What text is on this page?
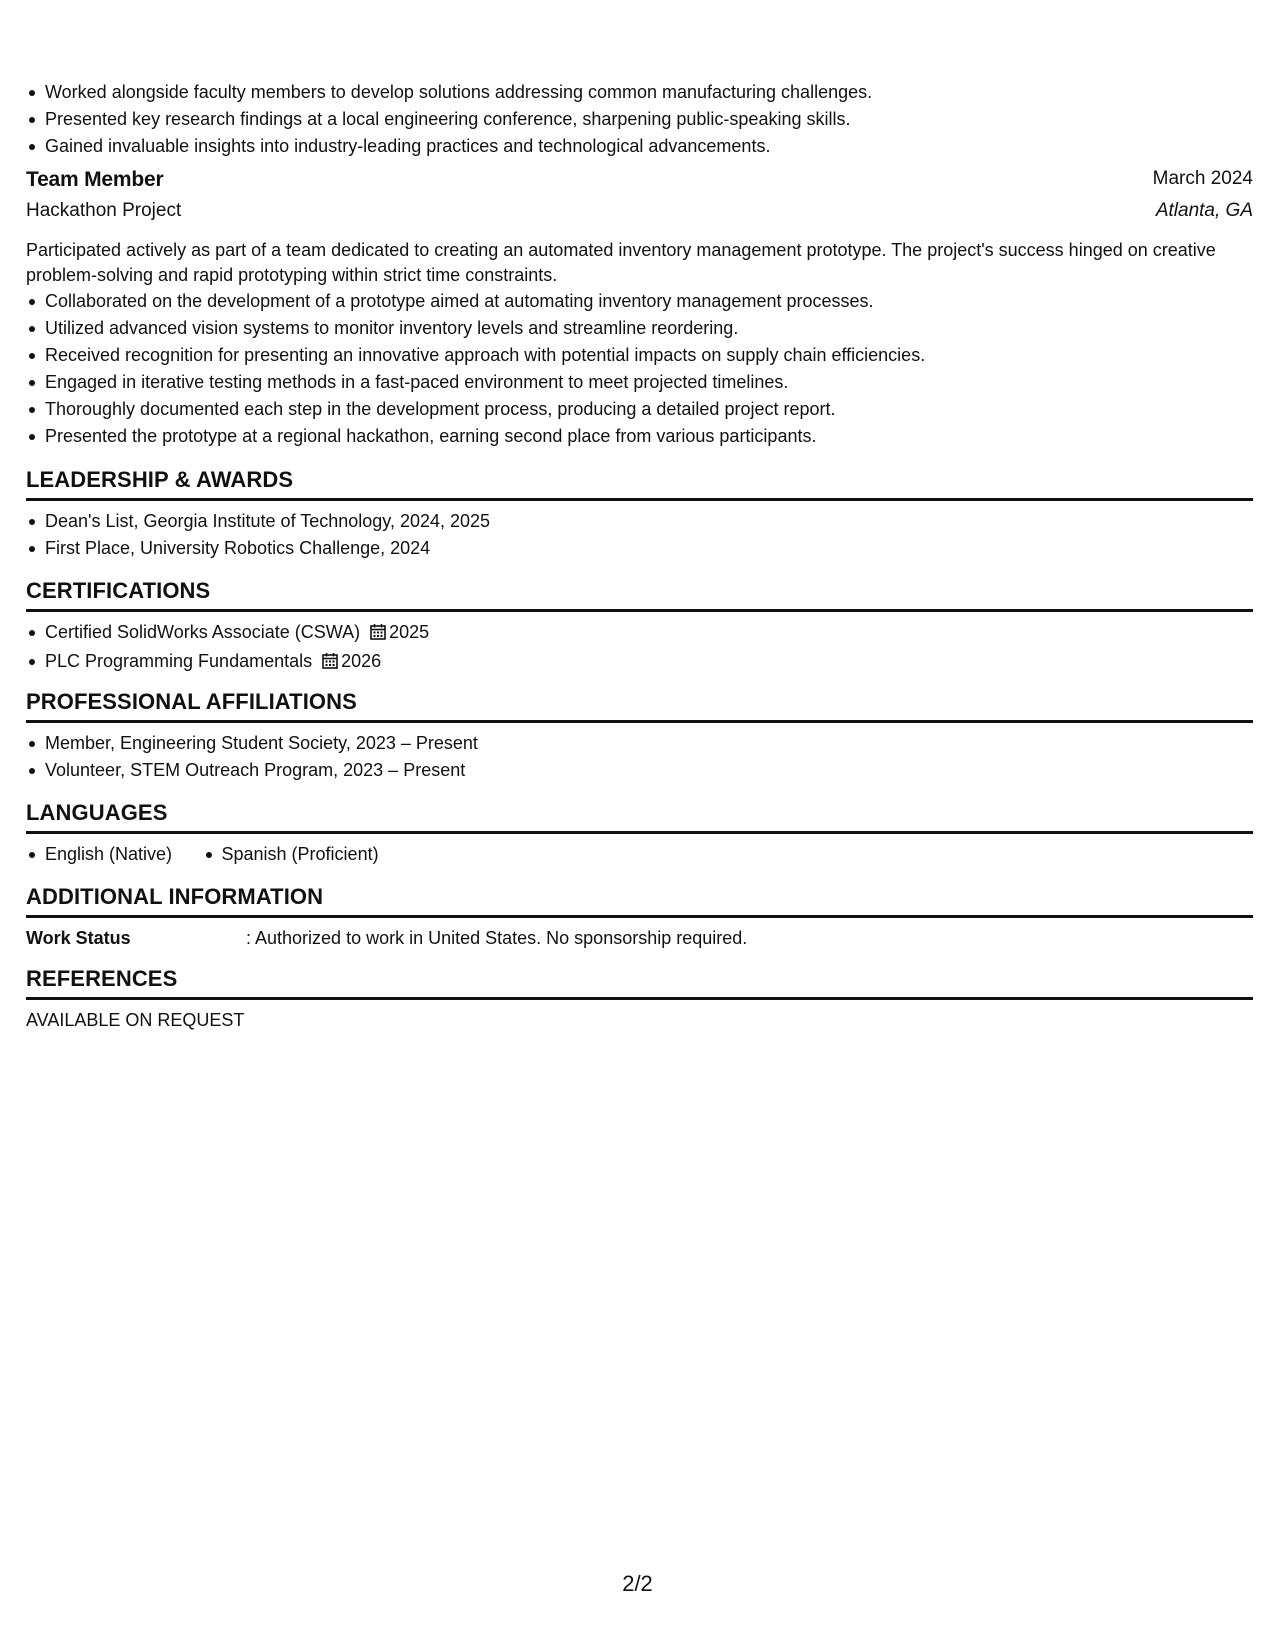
Worked alongside faculty members to develop solutions addressing common manufacturing challenges.
Presented key research findings at a local engineering conference, sharpening public-speaking skills.
Gained invaluable insights into industry-leading practices and technological advancements.
Team Member	March 2024
Hackathon Project	Atlanta, GA
Participated actively as part of a team dedicated to creating an automated inventory management prototype. The project's success hinged on creative problem-solving and rapid prototyping within strict time constraints.
Collaborated on the development of a prototype aimed at automating inventory management processes.
Utilized advanced vision systems to monitor inventory levels and streamline reordering.
Received recognition for presenting an innovative approach with potential impacts on supply chain efficiencies.
Engaged in iterative testing methods in a fast-paced environment to meet projected timelines.
Thoroughly documented each step in the development process, producing a detailed project report.
Presented the prototype at a regional hackathon, earning second place from various participants.
LEADERSHIP & AWARDS
Dean's List, Georgia Institute of Technology, 2024, 2025
First Place, University Robotics Challenge, 2024
CERTIFICATIONS
Certified SolidWorks Associate (CSWA) 2025
PLC Programming Fundamentals 2026
PROFESSIONAL AFFILIATIONS
Member, Engineering Student Society, 2023 – Present
Volunteer, STEM Outreach Program, 2023 – Present
LANGUAGES
English (Native)	Spanish (Proficient)
ADDITIONAL INFORMATION
Work Status	: Authorized to work in United States. No sponsorship required.
REFERENCES
AVAILABLE ON REQUEST
2/2
